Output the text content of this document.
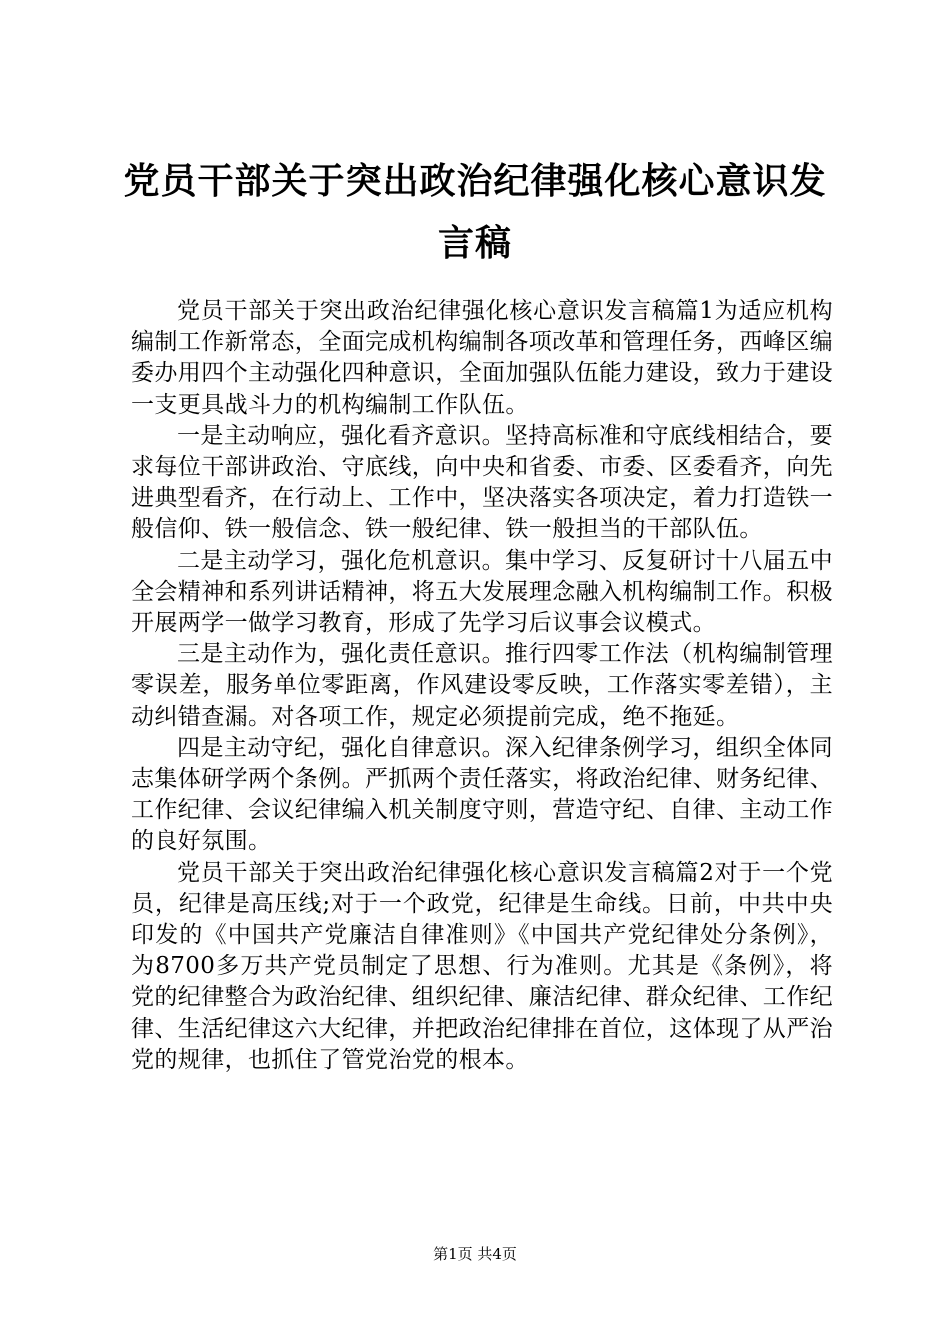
党员干部关于突出政治纪律强化核心意识发言稿

党员干部关于突出政治纪律强化核心意识发言稿篇1为适应机构编制工作新常态，全面完成机构编制各项改革和管理任务，西峰区编委办用四个主动强化四种意识，全面加强队伍能力建设，致力于建设一支更具战斗力的机构编制工作队伍。

一是主动响应，强化看齐意识。坚持高标准和守底线相结合，要求每位干部讲政治、守底线，向中央和省委、市委、区委看齐，向先进典型看齐，在行动上、工作中，坚决落实各项决定，着力打造铁一般信仰、铁一般信念、铁一般纪律、铁一般担当的干部队伍。

二是主动学习，强化危机意识。集中学习、反复研讨十八届五中全会精神和系列讲话精神，将五大发展理念融入机构编制工作。积极开展两学一做学习教育，形成了先学习后议事会议模式。

三是主动作为，强化责任意识。推行四零工作法（机构编制管理零误差，服务单位零距离，作风建设零反映，工作落实零差错），主动纠错查漏。对各项工作，规定必须提前完成，绝不拖延。

四是主动守纪，强化自律意识。深入纪律条例学习，组织全体同志集体研学两个条例。严抓两个责任落实，将政治纪律、财务纪律、工作纪律、会议纪律编入机关制度守则，营造守纪、自律、主动工作的良好氛围。

党员干部关于突出政治纪律强化核心意识发言稿篇2对于一个党员，纪律是高压线;对于一个政党，纪律是生命线。日前，中共中央印发的《中国共产党廉洁自律准则》《中国共产党纪律处分条例》，为8700多万共产党员制定了思想、行为准则。尤其是《条例》，将党的纪律整合为政治纪律、组织纪律、廉洁纪律、群众纪律、工作纪律、生活纪律这六大纪律，并把政治纪律排在首位，这体现了从严治党的规律，也抓住了管党治党的根本。

第1页 共4页
